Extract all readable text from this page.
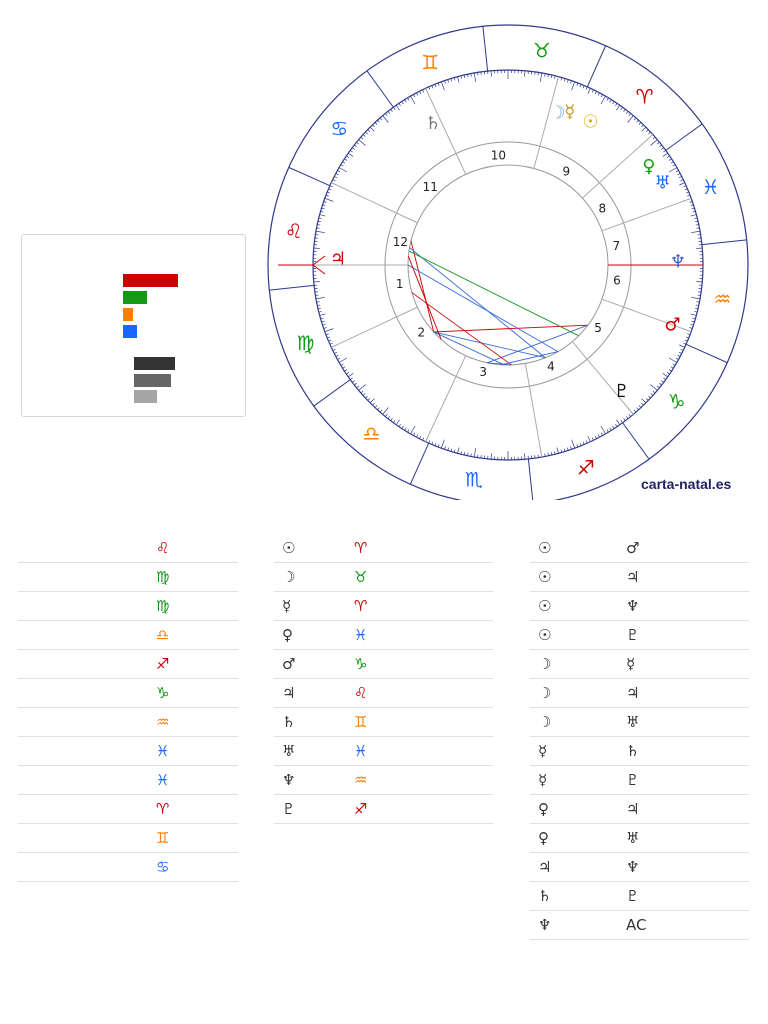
♉
♈
♓
♒
♑
♐
♏
♎
♍
♌
♋
♊
1
2
3	4
5
6
7
8
9
10
11
12
☽
☿ ☉
♀
♅
♆
♂
♇
♄
♃
carta-natal.es
♌
♍
♍
♎
♐
♑
♒
♓
♓
♈
♊
♋
☉	♈
☽	♉
☿	♈
♀	♓
♂	♑
♃	♌
♄	♊
♅	♓
♆	♒
♇	♐
☉	♂
☉	♃
☉	♆
☉	♇
☽	☿
☽	♃
☽	♅
☿	♄
☿	♇
♀	♃
♀	♅
♃	♆
♄	♇
♆	AC
